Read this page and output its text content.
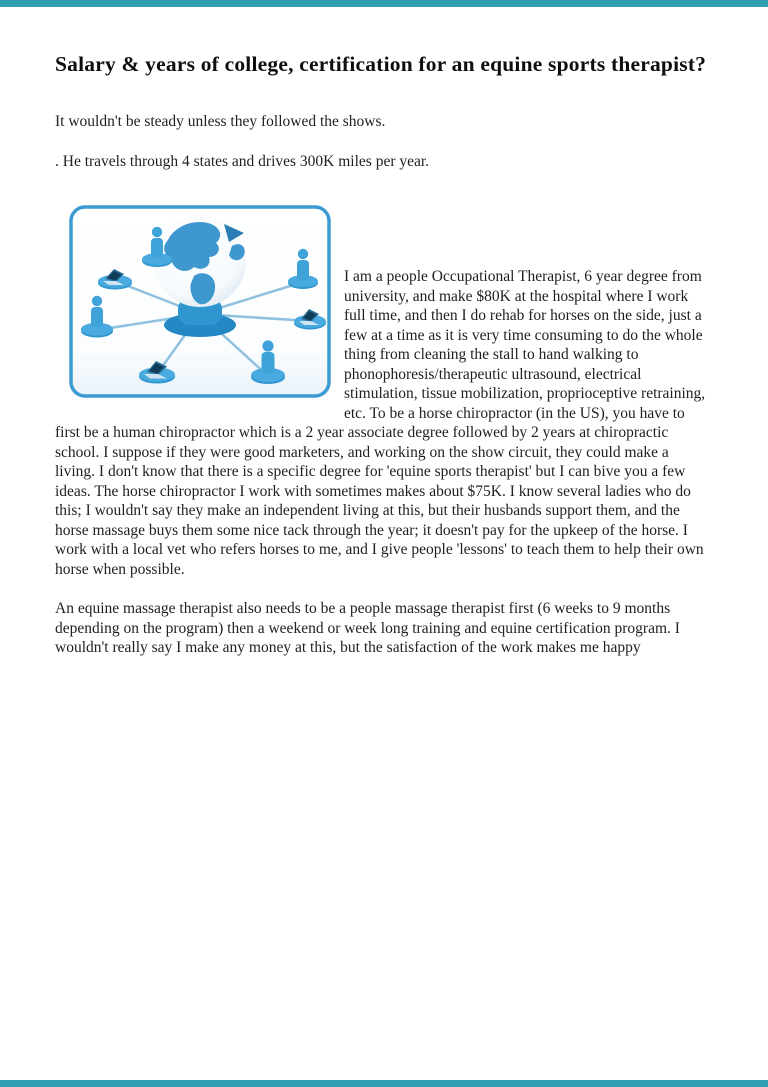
Salary & years of college, certification for an equine sports therapist?

It wouldn't be steady unless they followed the shows.

. He travels through 4 states and drives 300K miles per year.

I am a people Occupational Therapist, 6 year degree from university, and make $80K at the hospital where I work full time, and then I do rehab for horses on the side, just a few at a time as it is very time consuming to do the whole thing from cleaning the stall to hand walking to phonophoresis/therapeutic ultrasound, electrical stimulation, tissue mobilization, proprioceptive retraining, etc. To be a horse chiropractor (in the US), you have to first be a human chiropractor which is a 2 year associate degree followed by 2 years at chiropractic school. I suppose if they were good marketers, and working on the show circuit, they could make a living. I don't know that there is a specific degree for 'equine sports therapist' but I can bive you a few ideas. The horse chiropractor I work with sometimes makes about $75K. I know several ladies who do this; I wouldn't say they make an independent living at this, but their husbands support them, and the horse massage buys them some nice tack through the year; it doesn't pay for the upkeep of the horse. I work with a local vet who refers horses to me, and I give people 'lessons' to teach them to help their own horse when possible.

An equine massage therapist also needs to be a people massage therapist first (6 weeks to 9 months depending on the program) then a weekend or week long training and equine certification program. I wouldn't really say I make any money at this, but the satisfaction of the work makes me happy
